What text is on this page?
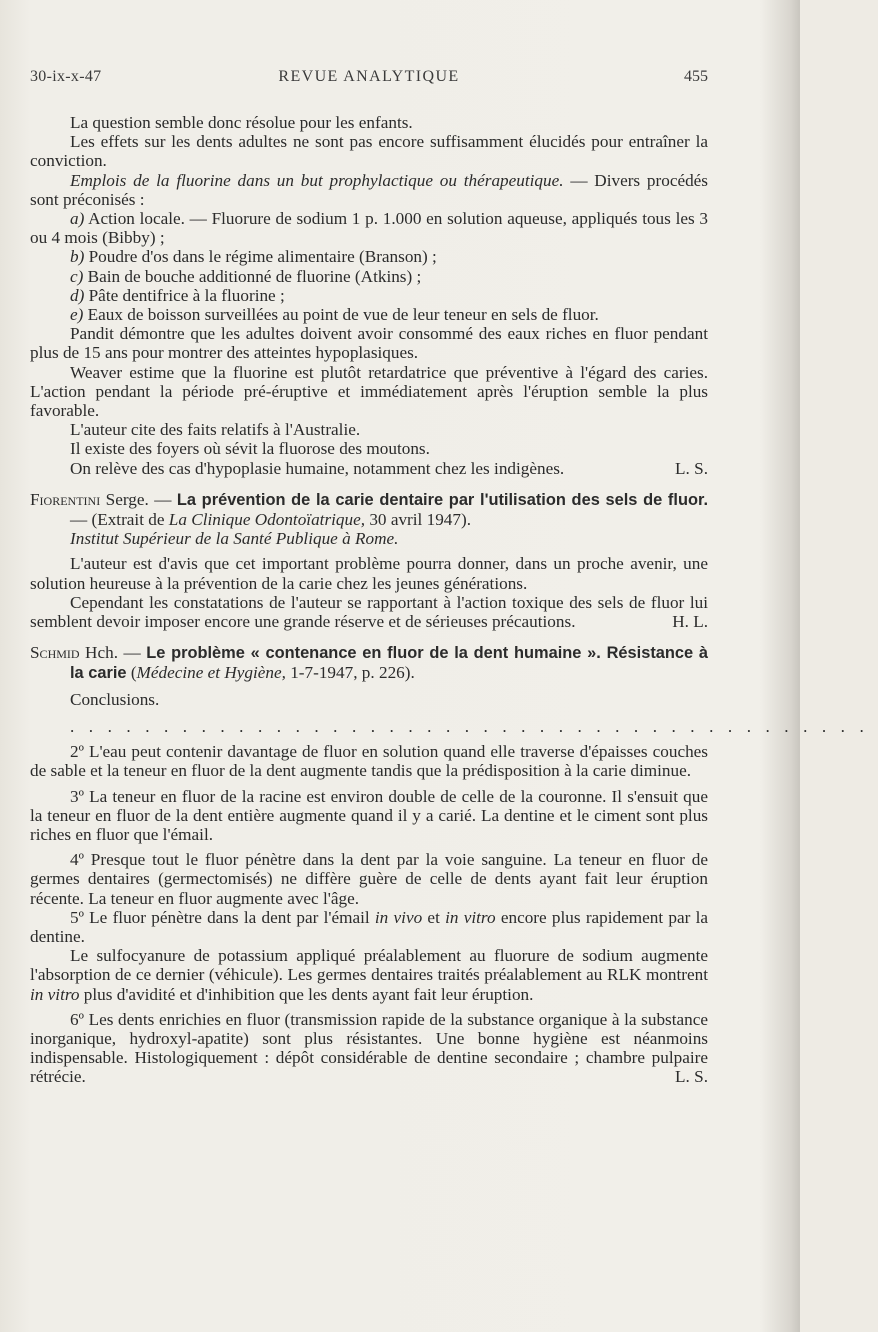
30-ix-x-47	REVUE ANALYTIQUE	455

La question semble donc résolue pour les enfants.

Les effets sur les dents adultes ne sont pas encore suffisamment élucidés pour entraîner la conviction.

Emplois de la fluorine dans un but prophylactique ou thérapeutique. — Divers procédés sont préconisés :

a) Action locale. — Fluorure de sodium 1 p. 1.000 en solution aqueuse, appliqués tous les 3 ou 4 mois (Bibby) ;

b) Poudre d'os dans le régime alimentaire (Branson) ;

c) Bain de bouche additionné de fluorine (Atkins) ;

d) Pâte dentifrice à la fluorine ;

e) Eaux de boisson surveillées au point de vue de leur teneur en sels de fluor.

Pandit démontre que les adultes doivent avoir consommé des eaux riches en fluor pendant plus de 15 ans pour montrer des atteintes hypoplasiques.

Weaver estime que la fluorine est plutôt retardatrice que préventive à l'égard des caries. L'action pendant la période pré-éruptive et immédiatement après l'éruption semble la plus favorable.

L'auteur cite des faits relatifs à l'Australie.

Il existe des foyers où sévit la fluorose des moutons.

On relève des cas d'hypoplasie humaine, notamment chez les indigènes.	L. S.

Fiorentini Serge. — La prévention de la carie dentaire par l'utilisation des sels de fluor. — (Extrait de La Clinique Odontoïatrique, 30 avril 1947).
Institut Supérieur de la Santé Publique à Rome.

L'auteur est d'avis que cet important problème pourra donner, dans un proche avenir, une solution heureuse à la prévention de la carie chez les jeunes générations.

Cependant les constatations de l'auteur se rapportant à l'action toxique des sels de fluor lui semblent devoir imposer encore une grande réserve et de sérieuses précautions.	H. L.

Schmid Hch. — Le problème « contenance en fluor de la dent humaine ». Résistance à la carie (Médecine et Hygiène, 1-7-1947, p. 226).

Conclusions.

...........................................

2º L'eau peut contenir davantage de fluor en solution quand elle traverse d'épaisses couches de sable et la teneur en fluor de la dent augmente tandis que la prédisposition à la carie diminue.

3º La teneur en fluor de la racine est environ double de celle de la couronne. Il s'ensuit que la teneur en fluor de la dent entière augmente quand il y a carié. La dentine et le ciment sont plus riches en fluor que l'émail.

4º Presque tout le fluor pénètre dans la dent par la voie sanguine. La teneur en fluor de germes dentaires (germectomisés) ne diffère guère de celle de dents ayant fait leur éruption récente. La teneur en fluor augmente avec l'âge.

5º Le fluor pénètre dans la dent par l'émail in vivo et in vitro encore plus rapidement par la dentine.

Le sulfocyanure de potassium appliqué préalablement au fluorure de sodium augmente l'absorption de ce dernier (véhicule). Les germes dentaires traités préalablement au RLK montrent in vitro plus d'avidité et d'inhibition que les dents ayant fait leur éruption.

6º Les dents enrichies en fluor (transmission rapide de la substance organique à la substance inorganique, hydroxyl-apatite) sont plus résistantes. Une bonne hygiène est néanmoins indispensable. Histologiquement : dépôt considérable de dentine secondaire ; chambre pulpaire rétrécie.	L. S.
